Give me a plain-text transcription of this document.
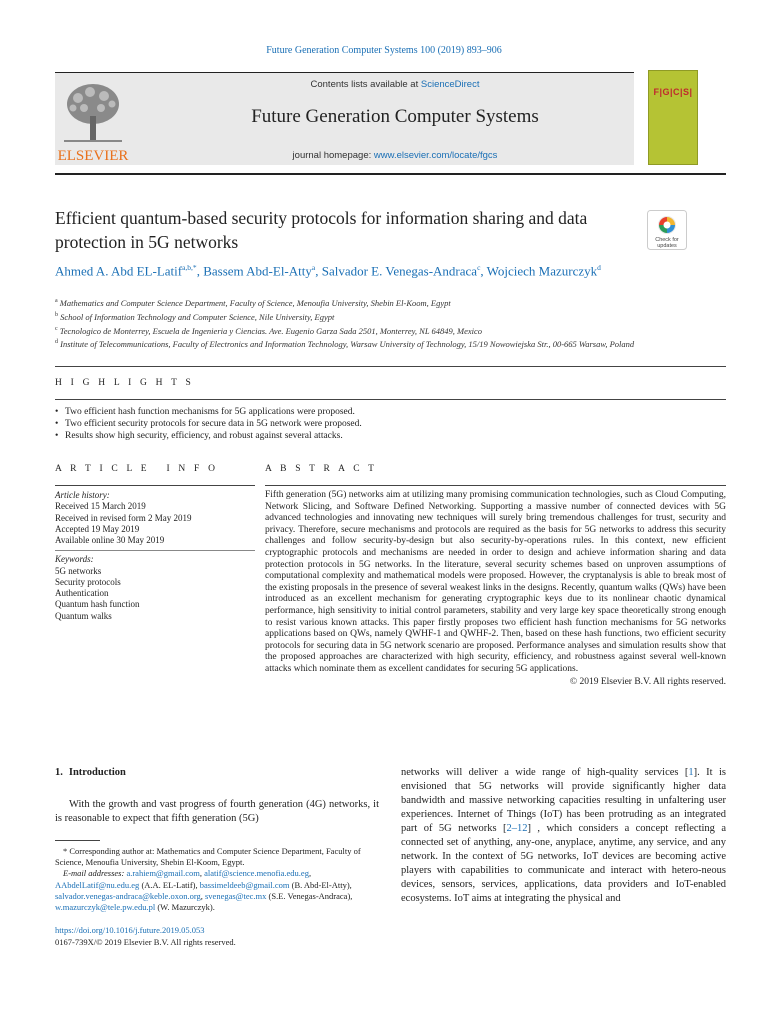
Future Generation Computer Systems 100 (2019) 893–906
ELSEVIER
Contents lists available at ScienceDirect
Future Generation Computer Systems
journal homepage: www.elsevier.com/locate/fgcs
F|G|C|S|
Efficient quantum-based security protocols for information sharing and data protection in 5G networks	Check for
updates
Ahmed A. Abd EL-Latif$^{a,b,*}$, Bassem Abd-El-Atty$^a$, Salvador E. Venegas-Andraca$^c$, Wojciech Mazurczyk$^d$
$^a$ Mathematics and Computer Science Department, Faculty of Science, Menoufia University, Shebin El-Koom, Egypt
$^b$ School of Information Technology and Computer Science, Nile University, Egypt
$^c$ Tecnologico de Monterrey, Escuela de Ingenieria y Ciencias. Ave. Eugenio Garza Sada 2501, Monterrey, NL 64849, Mexico
$^d$ Institute of Telecommunications, Faculty of Electronics and Information Technology, Warsaw University of Technology, 15/19 Nowowiejska Str., 00-665 Warsaw, Poland
H I G H L I G H T S
• Two efficient hash function mechanisms for 5G applications were proposed.
• Two efficient security protocols for secure data in 5G network were proposed.
• Results show high security, efficiency, and robust against several attacks.
A R T I C L E   I N F O	A B S T R A C T
Article history:
Received 15 March 2019
Received in revised form 2 May 2019
Accepted 19 May 2019
Available online 30 May 2019
Keywords:
5G networks
Security protocols
Authentication
Quantum hash function
Quantum walks
Fifth generation (5G) networks aim at utilizing many promising communication technologies, such as Cloud Computing, Network Slicing, and Software Defined Networking. Supporting a massive number of connected devices with 5G advanced technologies and innovating new techniques will surely bring tremendous challenges for trust, security and privacy. Therefore, secure mechanisms and protocols are required as the basis for 5G networks to address this security challenges and follow security-by-design but also security-by-operations rules. In this context, new efficient cryptographic protocols and mechanisms are needed in order to design and achieve information sharing and data protection protocols in 5G networks. In the literature, several security schemes based on unproven assumptions of computational complexity and mathematical models were proposed. However, the cryptanalysis is able to break most of the existing proposals in the presence of several weakest links in the designs. Recently, quantum walks (QWs) have been introduced as an excellent mechanism for generating cryptographic keys due to its nonlinear chaotic dynamical performance, high sensitivity to initial control parameters, stability and very large key space theoretically strong enough to resist various known attacks. This paper firstly proposes two efficient hash function mechanisms for 5G networks applications based on QWs, namely QWHF-1 and QWHF-2. Then, based on these hash functions, two efficient security protocols for securing data in 5G network scenario are proposed. Performance analyses and simulation results show that the proposed approaches are characterized with high security, efficiency, and robustness against several well-known attacks which nominate them as excellent candidates for securing 5G applications.
© 2019 Elsevier B.V. All rights reserved.
1. Introduction
With the growth and vast progress of fourth generation (4G) networks, it is reasonable to expect that fifth generation (5G)
* Corresponding author at: Mathematics and Computer Science Department, Faculty of Science, Menoufia University, Shebin El-Koom, Egypt.
E-mail addresses: a.rahiem@gmail.com, alatif@science.menofia.edu.eg, AAbdelLatif@nu.edu.eg (A.A. EL-Latif), bassimeldeeb@gmail.com (B. Abd-El-Atty), salvador.venegas-andraca@keble.oxon.org, svenegas@tec.mx (S.E. Venegas-Andraca), w.mazurczyk@tele.pw.edu.pl (W. Mazurczyk).
https://doi.org/10.1016/j.future.2019.05.053
0167-739X/© 2019 Elsevier B.V. All rights reserved.
networks will deliver a wide range of high-quality services [1]. It is envisioned that 5G networks will provide significantly higher data bandwidth and massive networking capacities resulting in unfaltering user experiences. Internet of Things (IoT) has been protruding as an integrated part of 5G networks [2–12] , which considers a concept reflecting a connected set of anything, any-one, anyplace, anytime, any service, and any network. In the context of 5G networks, IoT devices are becoming active players with capabilities to communicate and interact with hetero-neous devices, sensors, services, applications, data providers and IoT-enabled ecosystems. IoT aims at integrating the physical and
